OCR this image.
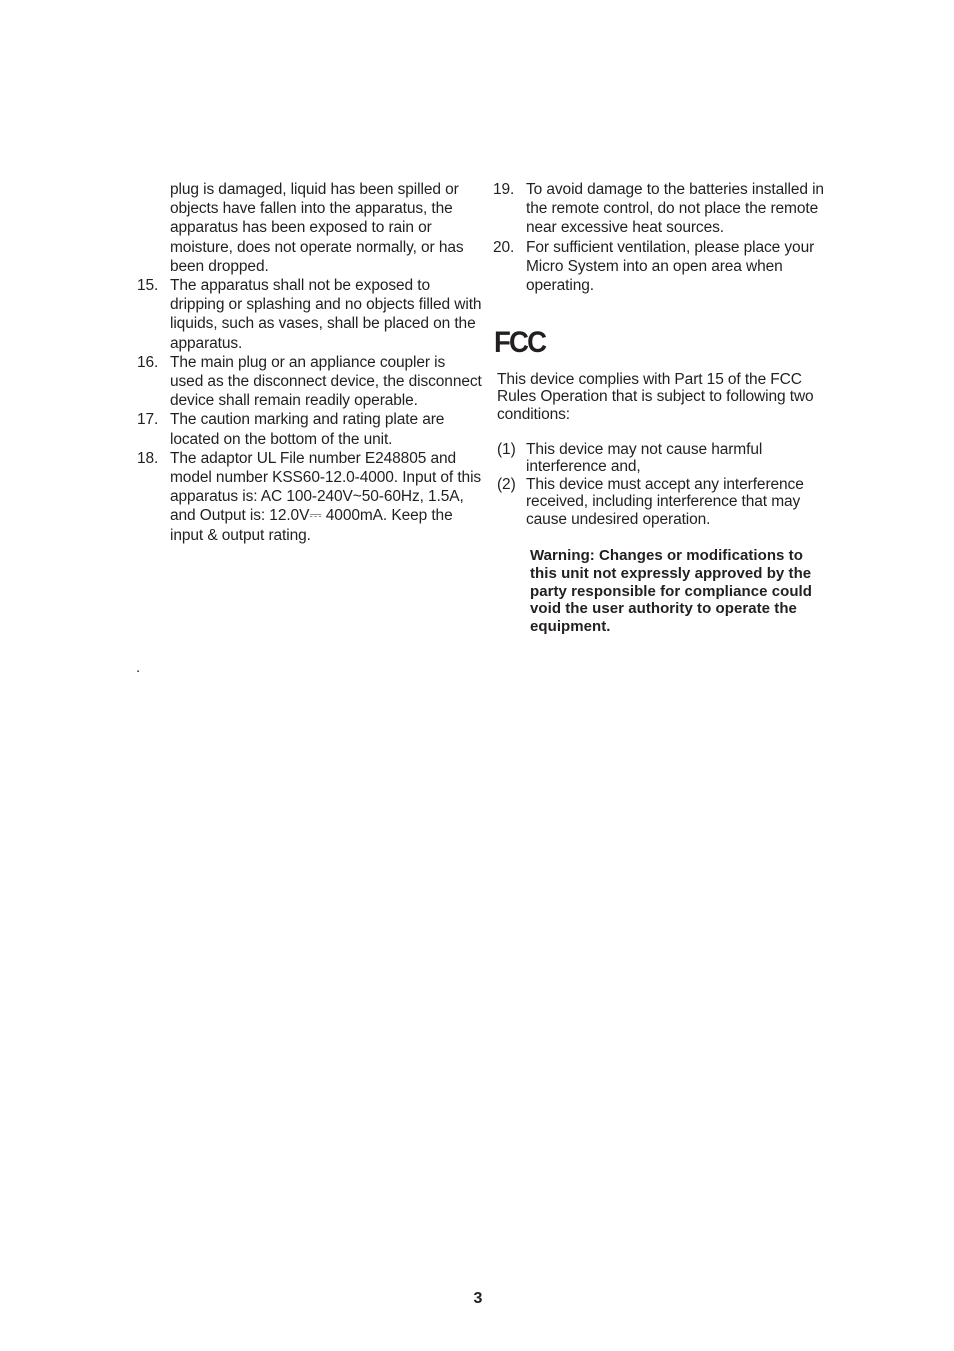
plug is damaged, liquid has been spilled or objects have fallen into the apparatus, the apparatus has been exposed to rain or moisture, does not operate normally, or has been dropped.
15. The apparatus shall not be exposed to dripping or splashing and no objects filled with liquids, such as vases, shall be placed on the apparatus.
16. The main plug or an appliance coupler is used as the disconnect device, the disconnect device shall remain readily operable.
17. The caution marking and rating plate are located on the bottom of the unit.
18. The adaptor UL File number E248805 and model number KSS60-12.0-4000. Input of this apparatus is: AC 100-240V~50-60Hz, 1.5A, and Output is: 12.0V⎓ 4000mA. Keep the input & output rating.
19. To avoid damage to the batteries installed in the remote control, do not place the remote near excessive heat sources.
20. For sufficient ventilation, please place your Micro System into an open area when operating.
FCC
This device complies with Part 15 of the FCC Rules Operation that is subject to following two conditions:
(1) This device may not cause harmful interference and,
(2) This device must accept any interference received, including interference that may cause undesired operation.
Warning: Changes or modifications to this unit not expressly approved by the party responsible for compliance could void the user authority to operate the equipment.
.
3
